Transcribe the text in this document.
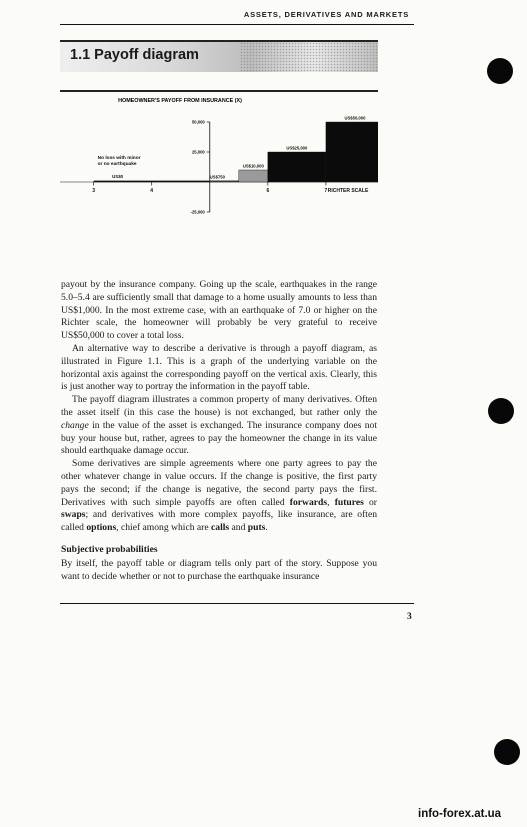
ASSETS, DERIVATIVES AND MARKETS
1.1 Payoff diagram
HOMEOWNER'S PAYOFF FROM INSURANCE (X)
50,000
25,000
-25,000
3	4	6	7 RICHTER SCALE
US$0
No loss with minor
or no earthquake
US$750
US$10,000
US$25,000
US$50,000

payout by the insurance company. Going up the scale, earthquakes in the range 5.0–5.4 are sufficiently small that damage to a home usually amounts to less than US$1,000. In the most extreme case, with an earthquake of 7.0 or higher on the Richter scale, the homeowner will probably be very grateful to receive US$50,000 to cover a total loss.

An alternative way to describe a derivative is through a payoff diagram, as illustrated in Figure 1.1. This is a graph of the underlying variable on the horizontal axis against the corresponding payoff on the vertical axis. Clearly, this is just another way to portray the information in the payoff table.

The payoff diagram illustrates a common property of many derivatives. Often the asset itself (in this case the house) is not exchanged, but rather only the change in the value of the asset is exchanged. The insurance company does not buy your house but, rather, agrees to pay the homeowner the change in its value should earthquake damage occur.

Some derivatives are simple agreements where one party agrees to pay the other whatever change in value occurs. If the change is positive, the first party pays the second; if the change is negative, the second party pays the first. Derivatives with such simple payoffs are often called forwards, futures or swaps; and derivatives with more complex payoffs, like insurance, are often called options, chief among which are calls and puts.

Subjective probabilities

By itself, the payoff table or diagram tells only part of the story. Suppose you want to decide whether or not to purchase the earthquake insurance

3
info-forex.at.ua
